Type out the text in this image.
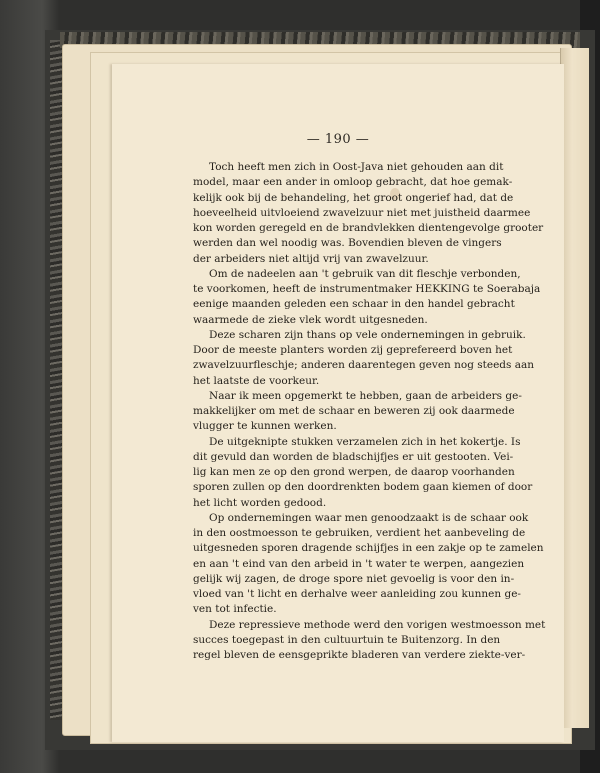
— 190 —
Toch heeft men zich in Oost-Java niet gehouden aan dit
model, maar een ander in omloop gebracht, dat hoe gemak-
kelijk ook bij de behandeling, het groot ongerief had, dat de
hoeveelheid uitvloeiend zwavelzuur niet met juistheid daarmee
kon worden geregeld en de brandvlekken dientengevolge grooter
werden dan wel noodig was. Bovendien bleven de vingers
der arbeiders niet altijd vrij van zwavelzuur.
Om de nadeelen aan 't gebruik van dit fleschje verbonden,
te voorkomen, heeft de instrumentmaker HEKKING te Soerabaja
eenige maanden geleden een schaar in den handel gebracht
waarmede de zieke vlek wordt uitgesneden.
Deze scharen zijn thans op vele ondernemingen in gebruik.
Door de meeste planters worden zij geprefereerd boven het
zwavelzuurfleschje; anderen daarentegen geven nog steeds aan
het laatste de voorkeur.
Naar ik meen opgemerkt te hebben, gaan de arbeiders ge-
makkelijker om met de schaar en beweren zij ook daarmede
vlugger te kunnen werken.
De uitgeknipte stukken verzamelen zich in het kokertje. Is
dit gevuld dan worden de bladschijfjes er uit gestooten. Vei-
lig kan men ze op den grond werpen, de daarop voorhanden
sporen zullen op den doordrenkten bodem gaan kiemen of door
het licht worden gedood.
Op ondernemingen waar men genoodzaakt is de schaar ook
in den oostmoesson te gebruiken, verdient het aanbeveling de
uitgesneden sporen dragende schijfjes in een zakje op te zamelen
en aan 't eind van den arbeid in 't water te werpen, aangezien
gelijk wij zagen, de droge spore niet gevoelig is voor den in-
vloed van 't licht en derhalve weer aanleiding zou kunnen ge-
ven tot infectie.
Deze repressieve methode werd den vorigen westmoesson met
succes toegepast in den cultuurtuin te Buitenzorg. In den
regel bleven de eensgeprikte bladeren van verdere ziekte-ver-
